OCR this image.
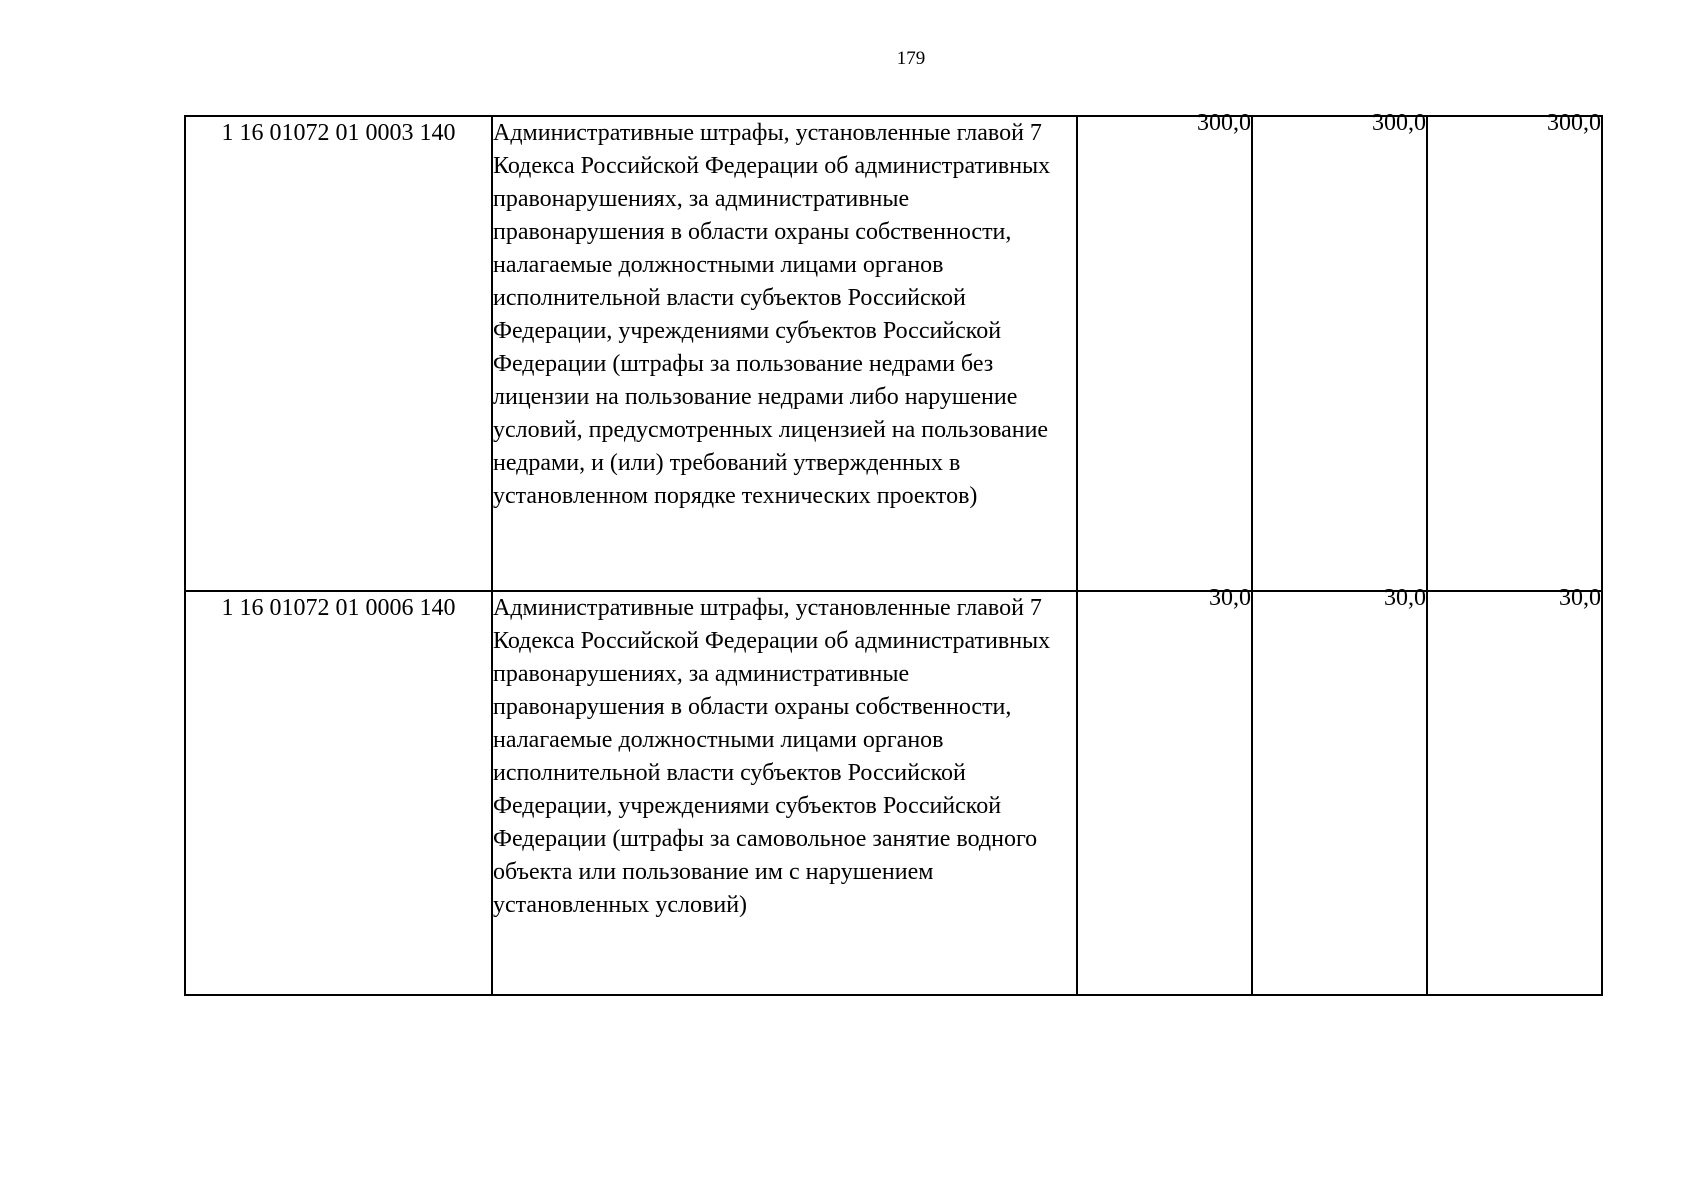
179
1 16 01072 01 0003 140	Административные штрафы, установленные главой 7 Кодекса Российской Федерации об административных правонарушениях, за административные правонарушения в области охраны собственности, налагаемые должностными лицами органов исполнительной власти субъектов Российской Федерации, учреждениями субъектов Российской Федерации (штрафы за пользование недрами без лицензии на пользование недрами либо нарушение условий, предусмотренных лицензией на пользование недрами, и (или) требований утвержденных в установленном порядке технических проектов)	300,0	300,0	300,0
1 16 01072 01 0006 140	Административные штрафы, установленные главой 7 Кодекса Российской Федерации об административных правонарушениях, за административные правонарушения в области охраны собственности, налагаемые должностными лицами органов исполнительной власти субъектов Российской Федерации, учреждениями субъектов Российской Федерации (штрафы за самовольное занятие водного объекта или пользование им с нарушением установленных условий)	30,0	30,0	30,0
